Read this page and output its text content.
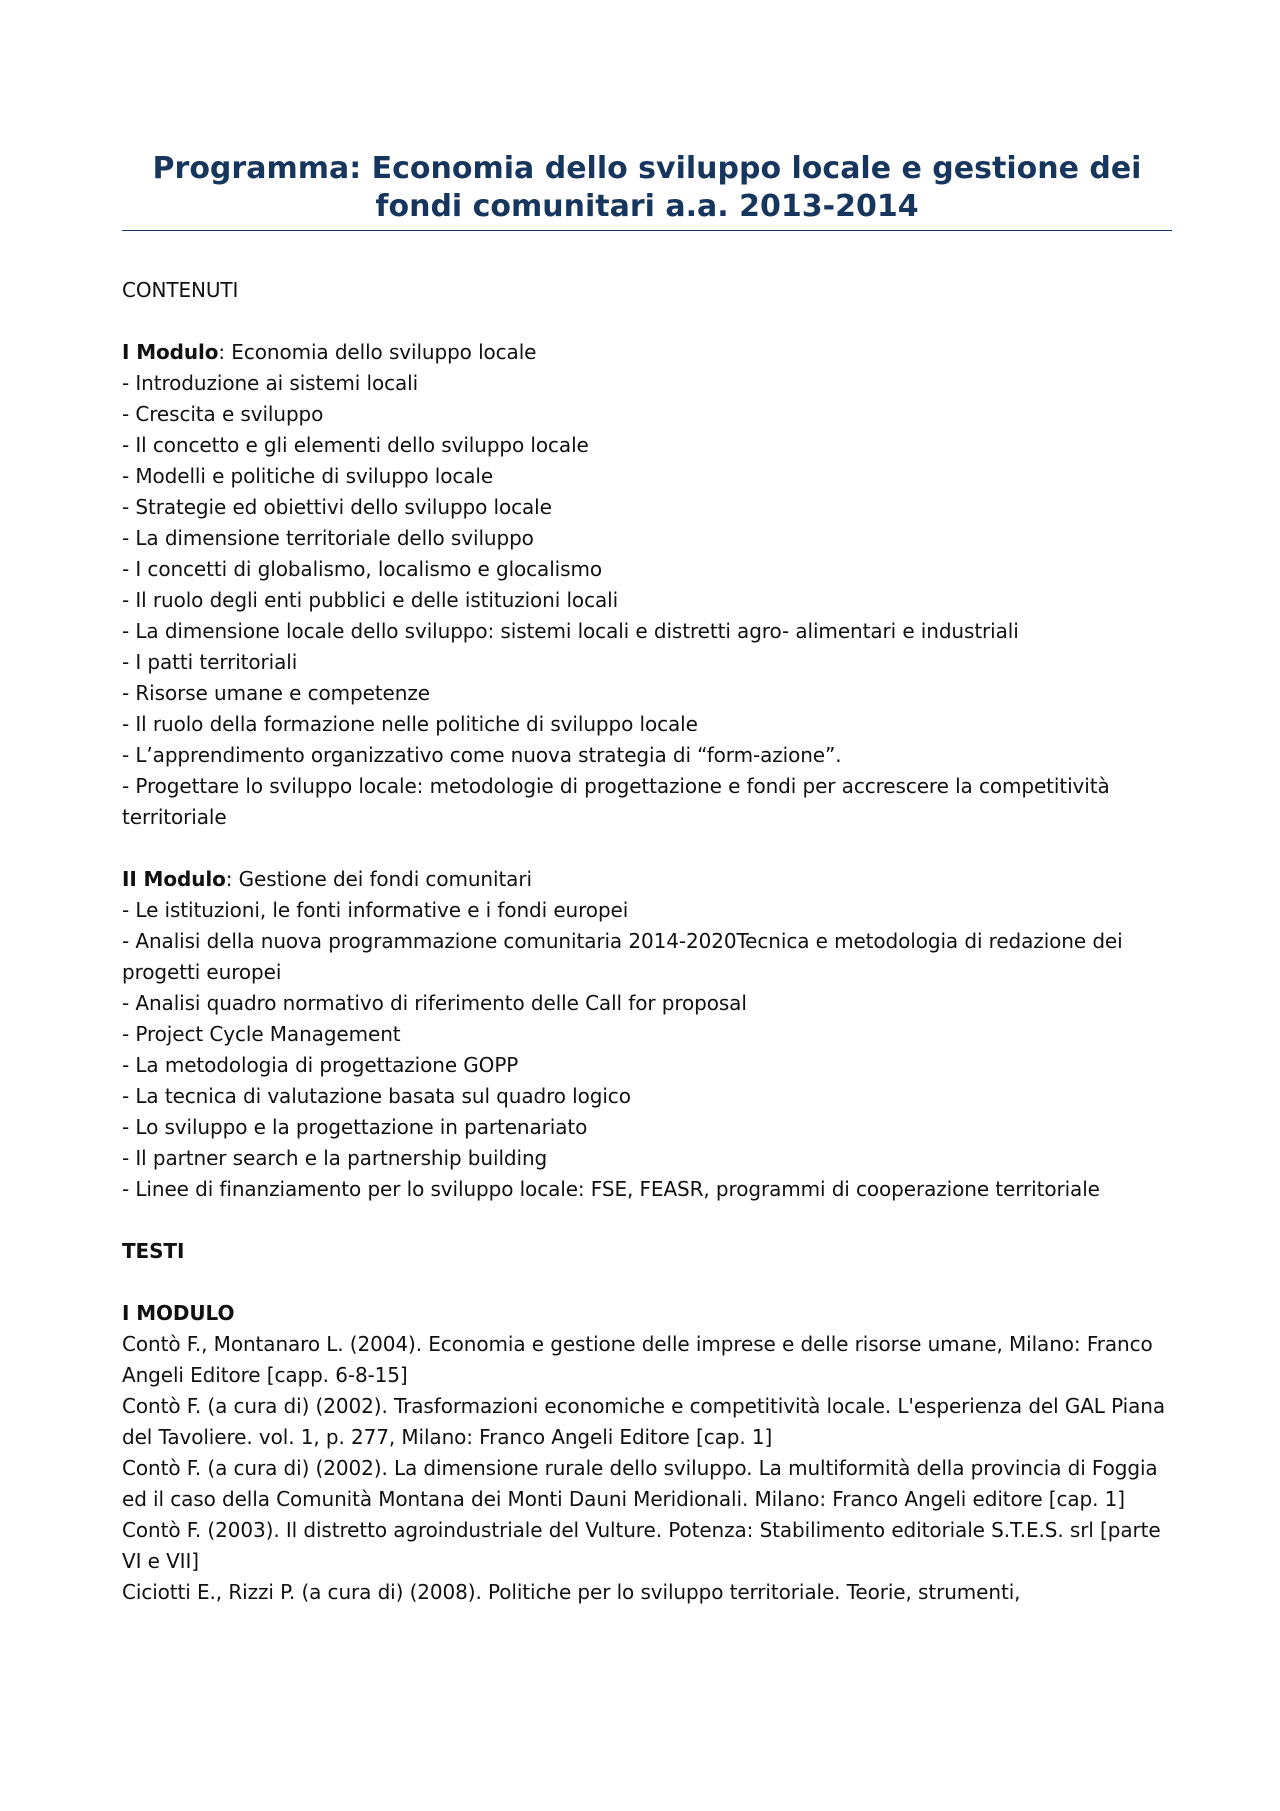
Programma: Economia dello sviluppo locale e gestione dei
fondi comunitari a.a. 2013-2014

CONTENUTI

I Modulo: Economia dello sviluppo locale

- Introduzione ai sistemi locali

- Crescita e sviluppo

- Il concetto e gli elementi dello sviluppo locale

- Modelli e politiche di sviluppo locale

- Strategie ed obiettivi dello sviluppo locale

- La dimensione territoriale dello sviluppo

- I concetti di globalismo, localismo e glocalismo

- Il ruolo degli enti pubblici e delle istituzioni locali

- La dimensione locale dello sviluppo: sistemi locali e distretti agro- alimentari e industriali

- I patti territoriali

- Risorse umane e competenze

- Il ruolo della formazione nelle politiche di sviluppo locale

- L’apprendimento organizzativo come nuova strategia di “form-azione”.

- Progettare lo sviluppo locale: metodologie di progettazione e fondi per accrescere la competitività territoriale

II Modulo: Gestione dei fondi comunitari

- Le istituzioni, le fonti informative e i fondi europei

- Analisi della nuova programmazione comunitaria 2014-2020Tecnica e metodologia di redazione dei progetti europei

- Analisi quadro normativo di riferimento delle Call for proposal

- Project Cycle Management

- La metodologia di progettazione GOPP

- La tecnica di valutazione basata sul quadro logico

- Lo sviluppo e la progettazione in partenariato

- Il partner search e la partnership building

- Linee di finanziamento per lo sviluppo locale: FSE, FEASR, programmi di cooperazione territoriale

TESTI

I MODULO

Contò F., Montanaro L. (2004). Economia e gestione delle imprese e delle risorse umane, Milano: Franco Angeli Editore [capp. 6-8-15]

Contò F. (a cura di) (2002). Trasformazioni economiche e competitività locale. L'esperienza del GAL Piana del Tavoliere. vol. 1, p. 277, Milano: Franco Angeli Editore [cap. 1]

Contò F. (a cura di) (2002). La dimensione rurale dello sviluppo. La multiformità della provincia di Foggia ed il caso della Comunità Montana dei Monti Dauni Meridionali. Milano: Franco Angeli editore [cap. 1]

Contò F. (2003). Il distretto agroindustriale del Vulture. Potenza: Stabilimento editoriale S.T.E.S. srl [parte VI e VII]

Ciciotti E., Rizzi P. (a cura di) (2008). Politiche per lo sviluppo territoriale. Teorie, strumenti,
